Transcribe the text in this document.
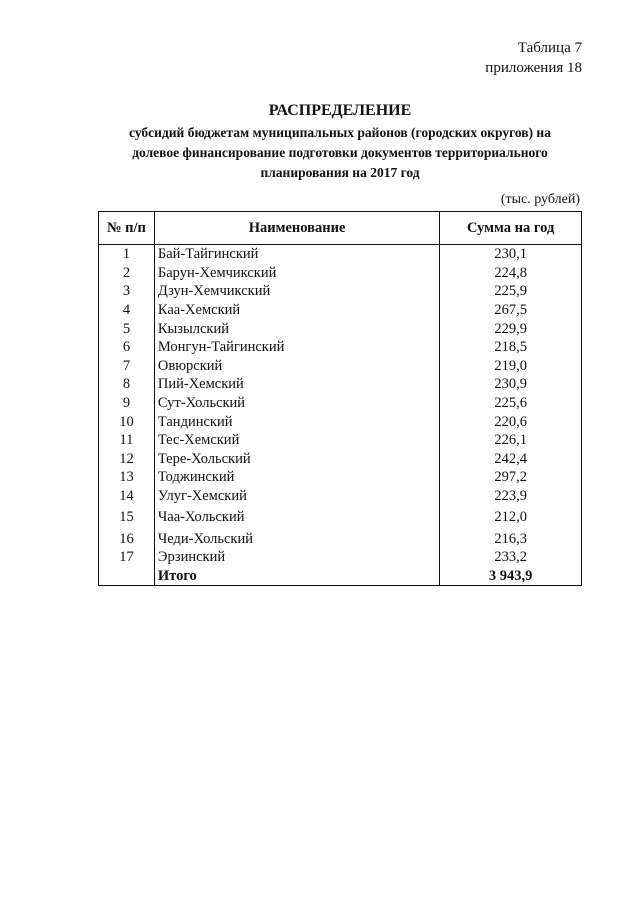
Таблица 7
приложения 18
РАСПРЕДЕЛЕНИЕ
субсидий бюджетам муниципальных районов (городских округов) на
долевое финансирование подготовки документов территориального
планирования на 2017 год
(тыс. рублей)
№ п/п	Наименование	Сумма на год
1	Бай-Тайгинский	230,1
2	Барун-Хемчикский	224,8
3	Дзун-Хемчикский	225,9
4	Каа-Хемский	267,5
5	Кызылский	229,9
6	Монгун-Тайгинский	218,5
7	Овюрский	219,0
8	Пий-Хемский	230,9
9	Сут-Хольский	225,6
10	Тандинский	220,6
11	Тес-Хемский	226,1
12	Тере-Хольский	242,4
13	Тоджинский	297,2
14	Улуг-Хемский	223,9
15	Чаа-Хольский	212,0
16	Чеди-Хольский	216,3
17	Эрзинский	233,2
	Итого	3 943,9
